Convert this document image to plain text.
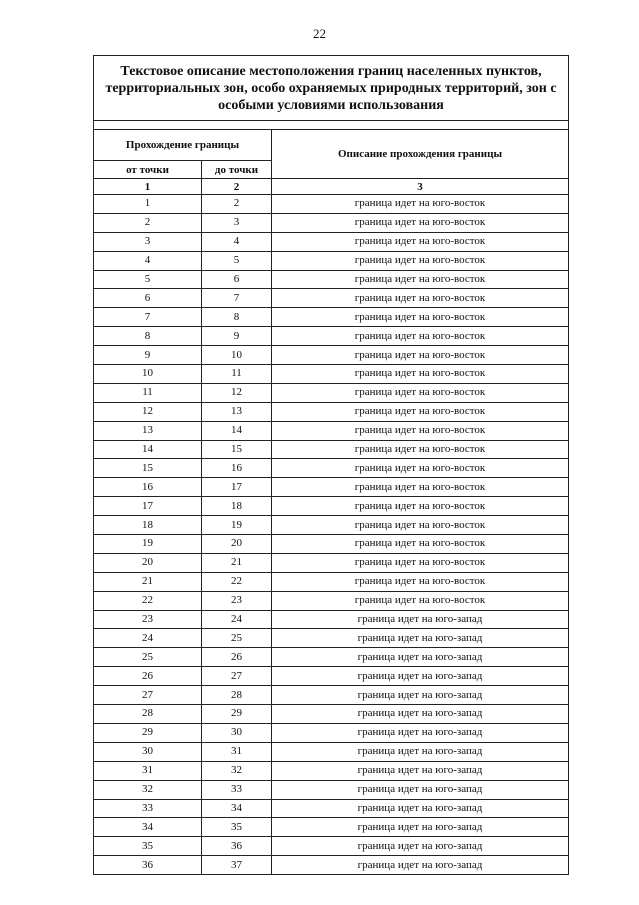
22
Текстовое описание местоположения границ населенных пунктов, территориальных зон, особо охраняемых природных территорий, зон с особыми условиями использования		

Прохождение границы		Описание прохождения границы
от точки	до точки	
1	2	3
1	2	граница идет на юго-восток
2	3	граница идет на юго-восток
3	4	граница идет на юго-восток
4	5	граница идет на юго-восток
5	6	граница идет на юго-восток
6	7	граница идет на юго-восток
7	8	граница идет на юго-восток
8	9	граница идет на юго-восток
9	10	граница идет на юго-восток
10	11	граница идет на юго-восток
11	12	граница идет на юго-восток
12	13	граница идет на юго-восток
13	14	граница идет на юго-восток
14	15	граница идет на юго-восток
15	16	граница идет на юго-восток
16	17	граница идет на юго-восток
17	18	граница идет на юго-восток
18	19	граница идет на юго-восток
19	20	граница идет на юго-восток
20	21	граница идет на юго-восток
21	22	граница идет на юго-восток
22	23	граница идет на юго-восток
23	24	граница идет на юго-запад
24	25	граница идет на юго-запад
25	26	граница идет на юго-запад
26	27	граница идет на юго-запад
27	28	граница идет на юго-запад
28	29	граница идет на юго-запад
29	30	граница идет на юго-запад
30	31	граница идет на юго-запад
31	32	граница идет на юго-запад
32	33	граница идет на юго-запад
33	34	граница идет на юго-запад
34	35	граница идет на юго-запад
35	36	граница идет на юго-запад
36	37	граница идет на юго-запад
